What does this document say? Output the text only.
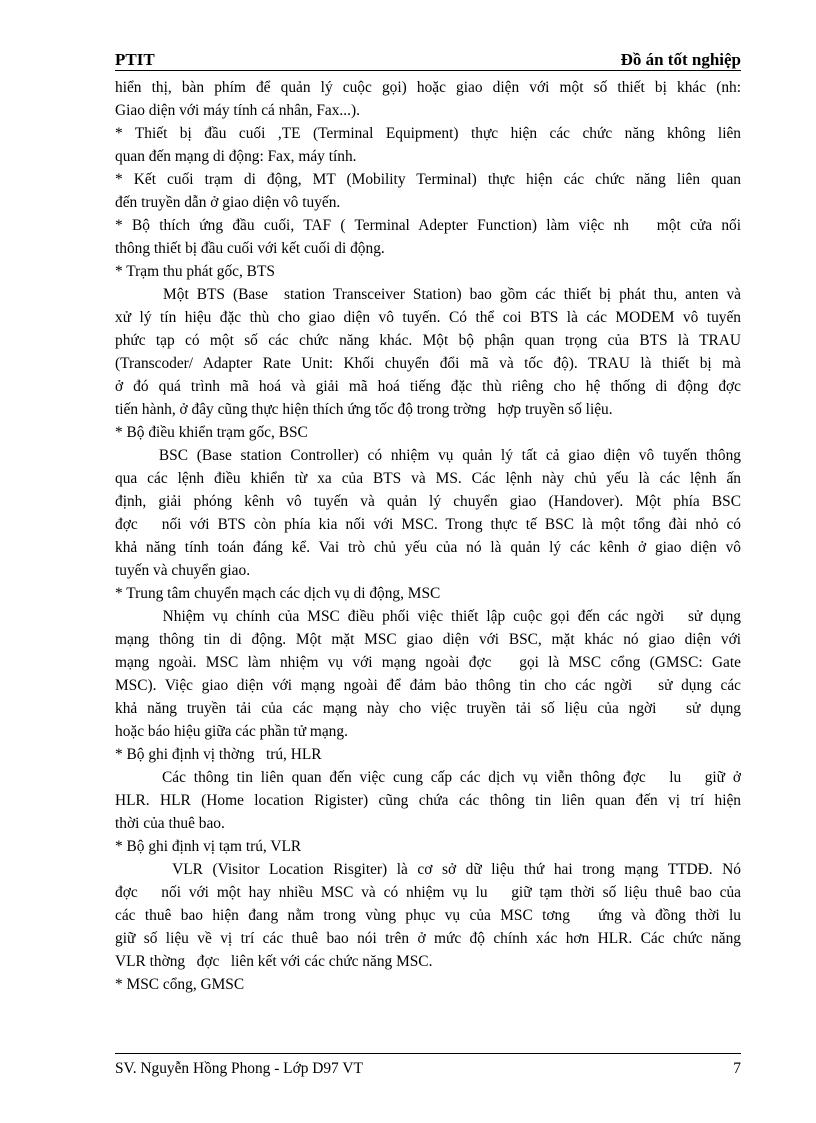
PTIT	Đồ án tốt nghiệp
hiển thị, bàn phím để quản lý cuộc gọi) hoặc giao diện với một số thiết bị khác (nh:
Giao diện với máy tính cá nhân, Fax...).
* Thiết bị đầu cuối ,TE (Terminal Equipment) thực hiện các chức năng không liên
quan đến mạng di động: Fax, máy tính.
* Kết cuối trạm di động, MT (Mobility Terminal) thực hiện các chức năng liên quan
đến truyền dẫn ở giao diện vô tuyến.
* Bộ thích ứng đầu cuối, TAF ( Terminal Adepter Function) làm việc nh   một cửa nối
thông thiết bị đầu cuối với kết cuối di động.
* Trạm thu phát gốc, BTS
Một BTS (Base  station Transceiver Station) bao gồm các thiết bị phát thu, anten và
xử lý tín hiệu đặc thù cho giao diện vô tuyến. Có thể coi BTS là các MODEM vô tuyến
phức tạp có một số các chức năng khác. Một bộ phận quan trọng của BTS là TRAU
(Transcoder/ Adapter Rate Unit: Khối chuyển đổi mã và tốc độ). TRAU là thiết bị mà
ở đó quá trình mã hoá và giải mã hoá tiếng đặc thù riêng cho hệ thống di động đợc
tiến hành, ở đây cũng thực hiện thích ứng tốc độ trong trờng   hợp truyền số liệu.
* Bộ điều khiển trạm gốc, BSC
BSC (Base station Controller) có nhiệm vụ quản lý tất cả giao diện vô tuyến thông
qua các lệnh điều khiển từ xa của BTS và MS. Các lệnh này chủ yếu là các lệnh ấn
định, giải phóng kênh vô tuyến và quản lý chuyển giao (Handover). Một phía BSC
đợc   nối với BTS còn phía kia nối với MSC. Trong thực tế BSC là một tổng đài nhỏ có
khả năng tính toán đáng kể. Vai trò chủ yếu của nó là quản lý các kênh ở giao diện vô
tuyến và chuyển giao.
* Trung tâm chuyển mạch các dịch vụ di động, MSC
Nhiệm vụ chính của MSC điều phối việc thiết lập cuộc gọi đến các ngời   sử dụng
mạng thông tin di động. Một mặt MSC giao diện với BSC, mặt khác nó giao diện với
mạng ngoài. MSC làm nhiệm vụ với mạng ngoài đợc   gọi là MSC cổng (GMSC: Gate
MSC). Việc giao diện với mạng ngoài để đảm bảo thông tin cho các ngời   sử dụng các
khả năng truyền tải của các mạng này cho việc truyền tải số liệu của ngời   sử dụng
hoặc báo hiệu giữa các phần tử mạng.
* Bộ ghi định vị thờng   trú, HLR
Các thông tin liên quan đến việc cung cấp các dịch vụ viễn thông đợc   lu   giữ ở
HLR. HLR (Home location Rigister) cũng chứa các thông tin liên quan đến vị trí hiện
thời của thuê bao.
* Bộ ghi định vị tạm trú, VLR
VLR (Visitor Location Risgiter) là cơ sở dữ liệu thứ hai trong mạng TTDĐ. Nó
đợc   nối với một hay nhiều MSC và có nhiệm vụ lu   giữ tạm thời số liệu thuê bao của
các thuê bao hiện đang nằm trong vùng phục vụ của MSC tơng   ứng và đồng thời lu
giữ số liệu về vị trí các thuê bao nói trên ở mức độ chính xác hơn HLR. Các chức năng
VLR thờng   đợc   liên kết với các chức năng MSC.
* MSC cổng, GMSC
SV. Nguyễn Hồng Phong - Lớp D97 VT	7
